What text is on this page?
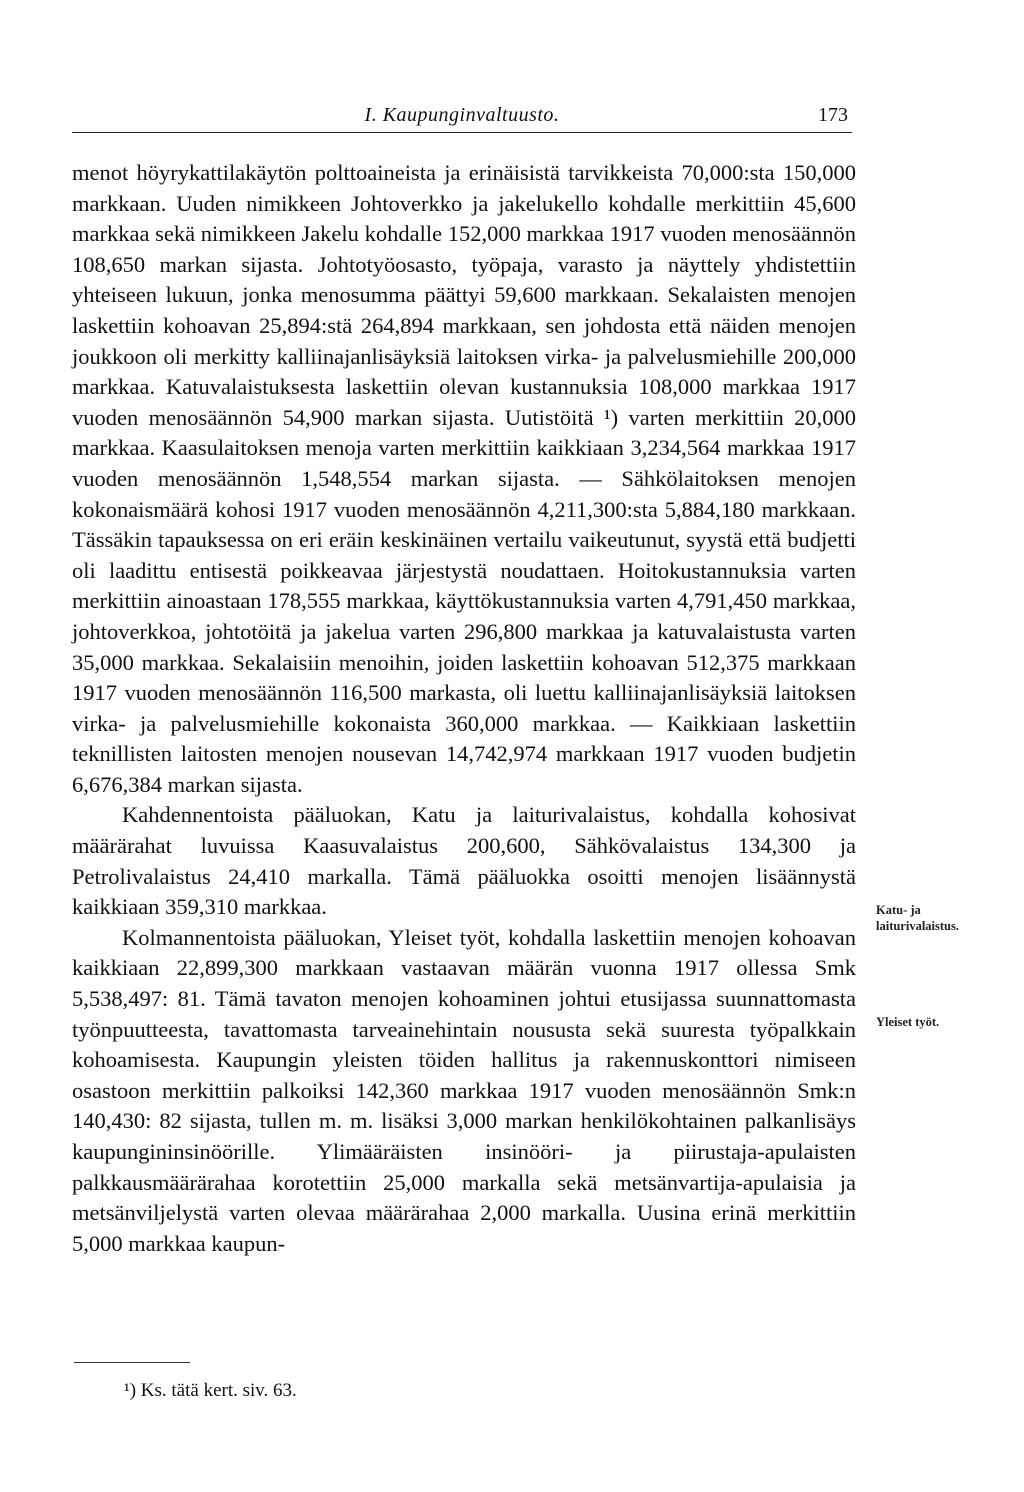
I. Kaupunginvaltuusto.	173

menot höyrykattilakäytön polttoaineista ja erinäisistä tarvikkeista 70,000:sta 150,000 markkaan. Uuden nimikkeen Johtoverkko ja jakelukello kohdalle merkittiin 45,600 markkaa sekä nimikkeen Jakelu kohdalle 152,000 markkaa 1917 vuoden menosäännön 108,650 markan sijasta. Johtotyöosasto, työpaja, varasto ja näyttely yhdistettiin yhteiseen lukuun, jonka menosumma päättyi 59,600 markkaan. Sekalaisten menojen laskettiin kohoavan 25,894:stä 264,894 markkaan, sen johdosta että näiden menojen joukkoon oli merkitty kalliinajanlisäyksiä laitoksen virka- ja palvelusmiehille 200,000 markkaa. Katuvalaistuksesta laskettiin olevan kustannuksia 108,000 markkaa 1917 vuoden menosäännön 54,900 markan sijasta. Uutistöitä ¹) varten merkittiin 20,000 markkaa. Kaasulaitoksen menoja varten merkittiin kaikkiaan 3,234,564 markkaa 1917 vuoden menosäännön 1,548,554 markan sijasta. — Sähkölaitoksen menojen kokonaismäärä kohosi 1917 vuoden menosäännön 4,211,300:sta 5,884,180 markkaan. Tässäkin tapauksessa on eri eräin keskinäinen vertailu vaikeutunut, syystä että budjetti oli laadittu entisestä poikkeavaa järjestystä noudattaen. Hoitokustannuksia varten merkittiin ainoastaan 178,555 markkaa, käyttökustannuksia varten 4,791,450 markkaa, johtoverkkoa, johtotöitä ja jakelua varten 296,800 markkaa ja katuvalaistusta varten 35,000 markkaa. Sekalaisiin menoihin, joiden laskettiin kohoavan 512,375 markkaan 1917 vuoden menosäännön 116,500 markasta, oli luettu kalliinajanlisäyksiä laitoksen virka- ja palvelusmiehille kokonaista 360,000 markkaa. — Kaikkiaan laskettiin teknillisten laitosten menojen nousevan 14,742,974 markkaan 1917 vuoden budjetin 6,676,384 markan sijasta.

Kahdennentoista pääluokan, Katu ja laiturivalaistus, kohdalla kohosivat määrärahat luvuissa Kaasuvalaistus 200,600, Sähkövalaistus 134,300 ja Petrolivalaistus 24,410 markalla. Tämä pääluokka osoitti menojen lisäännystä kaikkiaan 359,310 markkaa.

Kolmannentoista pääluokan, Yleiset työt, kohdalla laskettiin menojen kohoavan kaikkiaan 22,899,300 markkaan vastaavan määrän vuonna 1917 ollessa Smk 5,538,497: 81. Tämä tavaton menojen kohoaminen johtui etusijassa suunnattomasta työnpuutteesta, tavattomasta tarveainehintain noususta sekä suuresta työpalkkain kohoamisesta. Kaupungin yleisten töiden hallitus ja rakennuskonttori nimiseen osastoon merkittiin palkoiksi 142,360 markkaa 1917 vuoden menosäännön Smk:n 140,430: 82 sijasta, tullen m. m. lisäksi 3,000 markan henkilökohtainen palkanlisäys kaupungininsinöörille. Ylimääräisten insinööri- ja piirustaja-apulaisten palkkausmäärärahaa korotettiin 25,000 markalla sekä metsänvartija-apulaisia ja metsänviljelystä varten olevaa määrärahaa 2,000 markalla. Uusina erinä merkittiin 5,000 markkaa kaupun-

Katu- ja laiturivalaistus.
Yleiset työt.
¹) Ks. tätä kert. siv. 63.
